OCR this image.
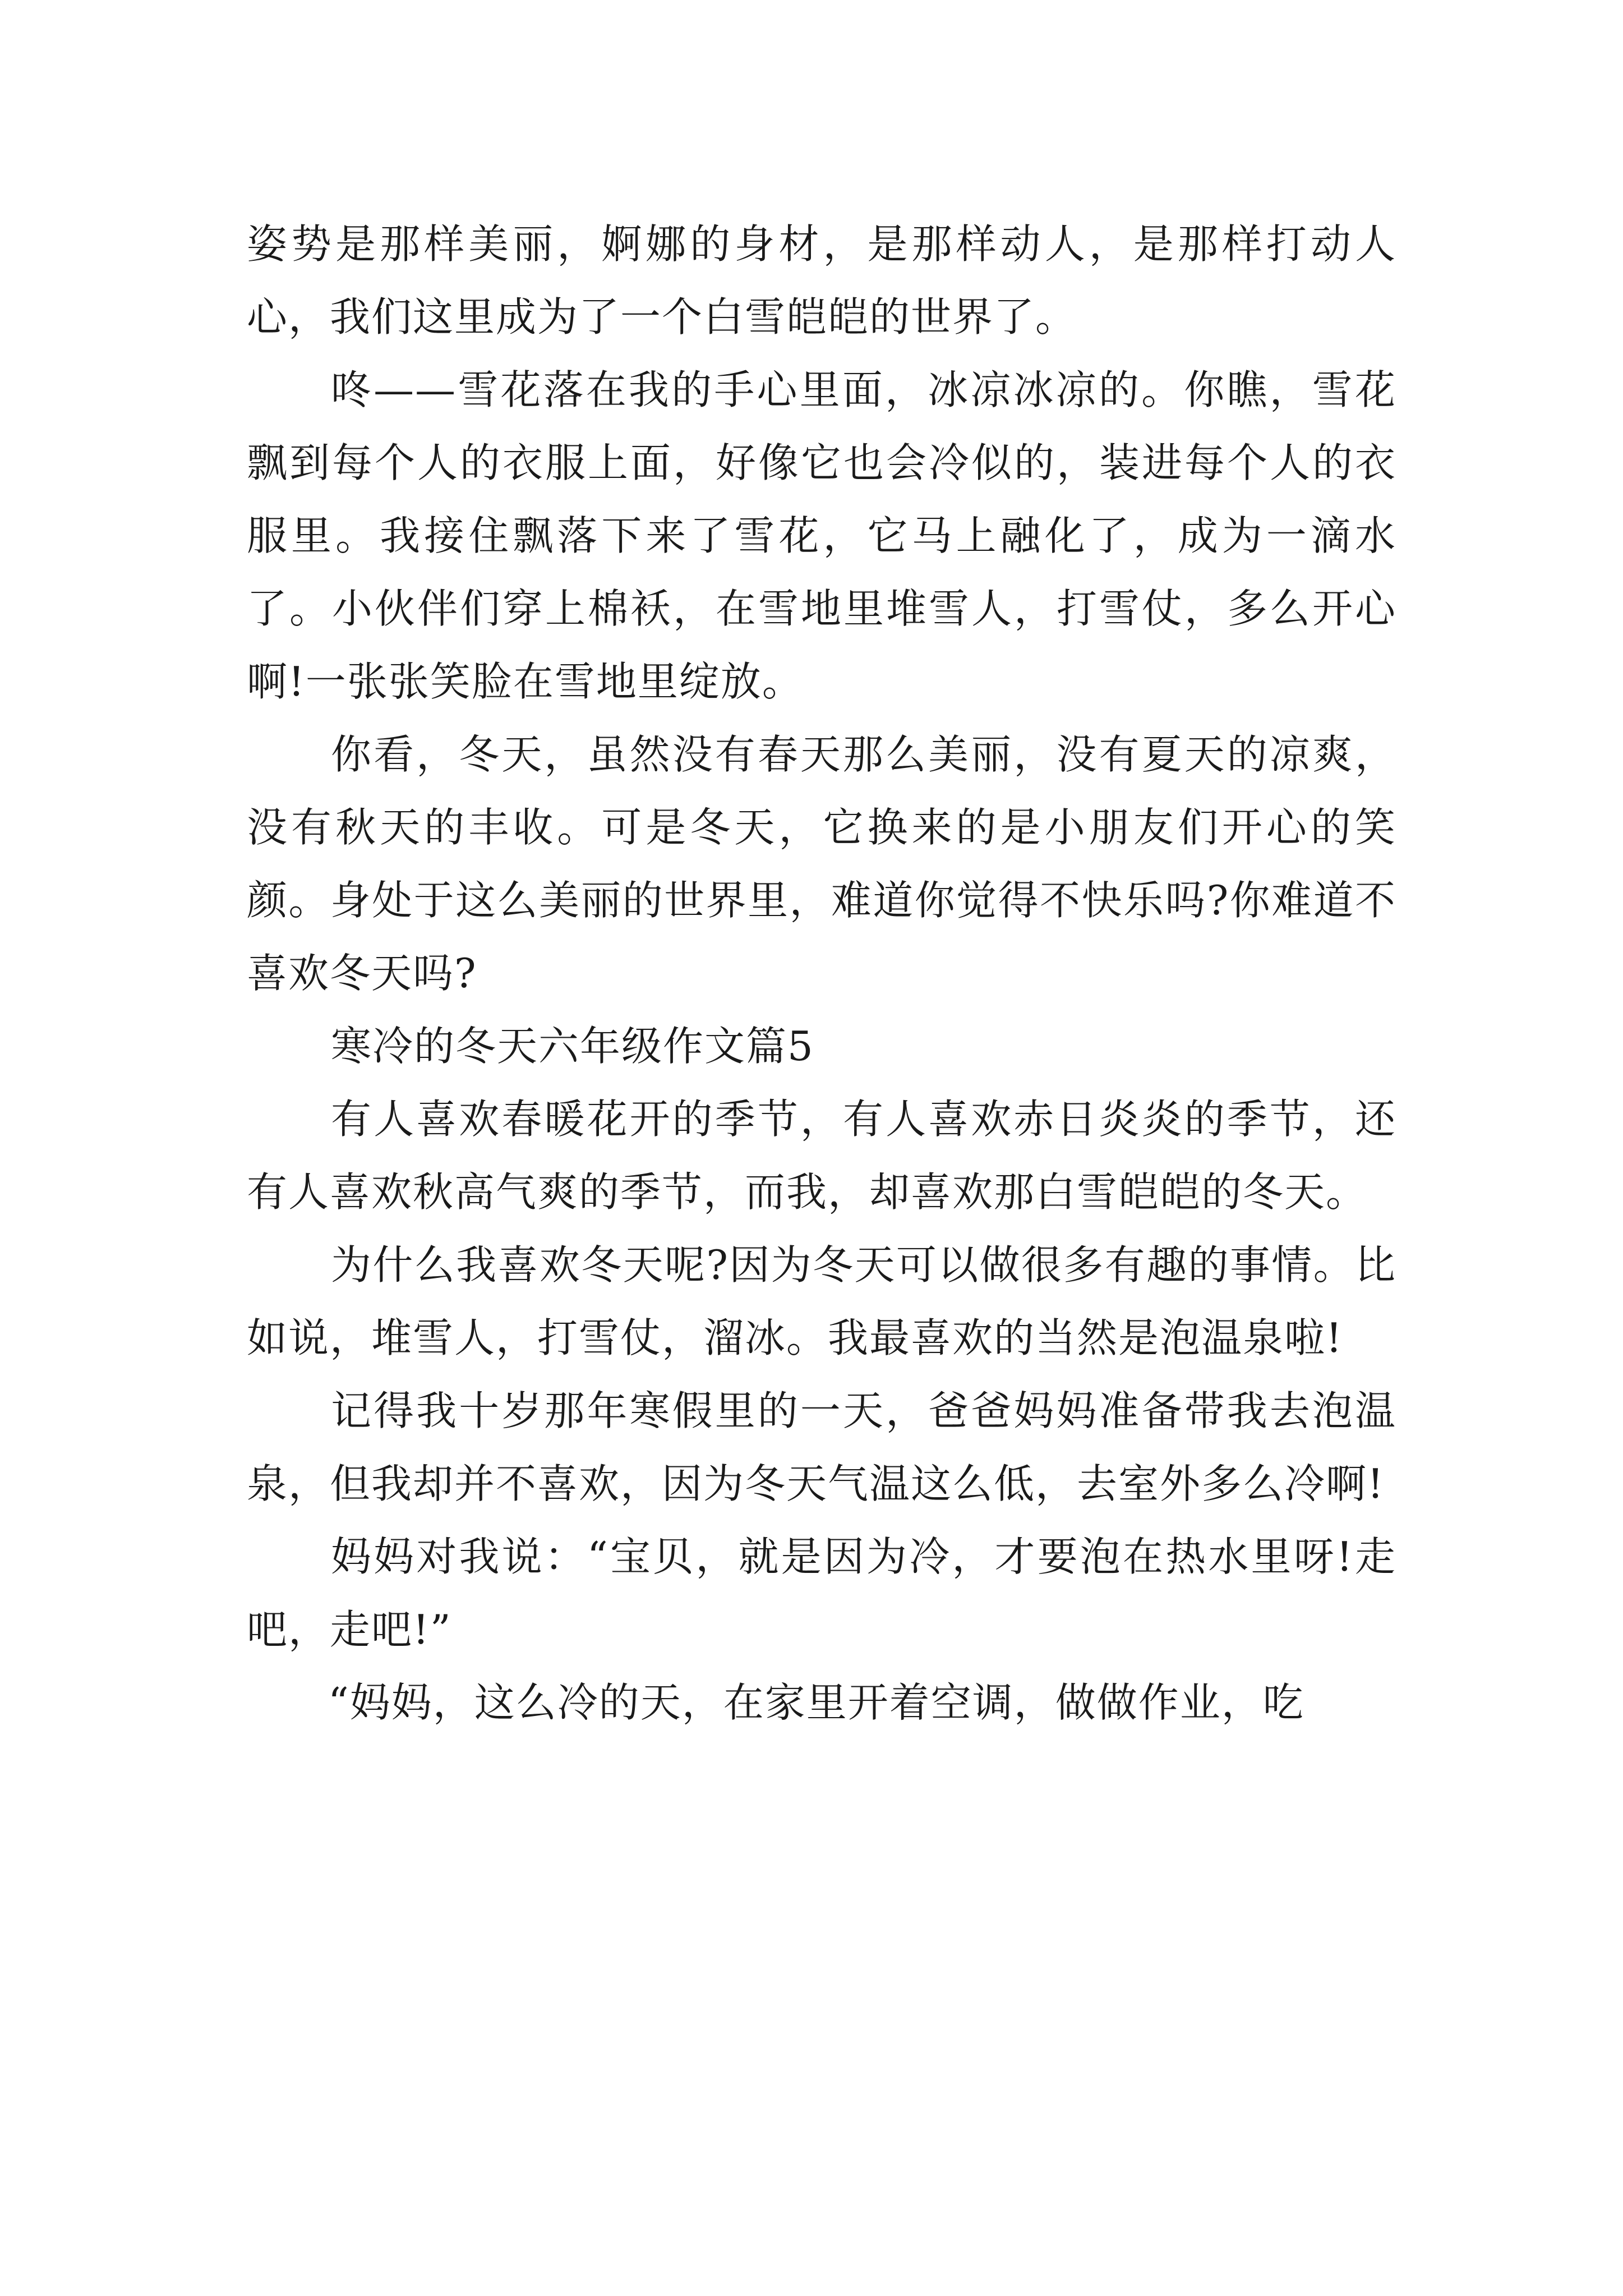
姿势是那样美丽，婀娜的身材，是那样动人，是那样打动人心，我们这里成为了一个白雪皑皑的世界了。

咚——雪花落在我的手心里面，冰凉冰凉的。你瞧，雪花飘到每个人的衣服上面，好像它也会冷似的，装进每个人的衣服里。我接住飘落下来了雪花，它马上融化了，成为一滴水了。小伙伴们穿上棉袄，在雪地里堆雪人，打雪仗，多么开心啊!一张张笑脸在雪地里绽放。

你看，冬天，虽然没有春天那么美丽，没有夏天的凉爽，没有秋天的丰收。可是冬天，它换来的是小朋友们开心的笑颜。身处于这么美丽的世界里，难道你觉得不快乐吗?你难道不喜欢冬天吗?

寒冷的冬天六年级作文篇5

有人喜欢春暖花开的季节，有人喜欢赤日炎炎的季节，还有人喜欢秋高气爽的季节，而我，却喜欢那白雪皑皑的冬天。

为什么我喜欢冬天呢?因为冬天可以做很多有趣的事情。比如说，堆雪人，打雪仗，溜冰。我最喜欢的当然是泡温泉啦!

记得我十岁那年寒假里的一天，爸爸妈妈准备带我去泡温泉，但我却并不喜欢，因为冬天气温这么低，去室外多么冷啊!

妈妈对我说：“宝贝，就是因为冷，才要泡在热水里呀!走吧，走吧!”

“妈妈，这么冷的天，在家里开着空调，做做作业，吃
